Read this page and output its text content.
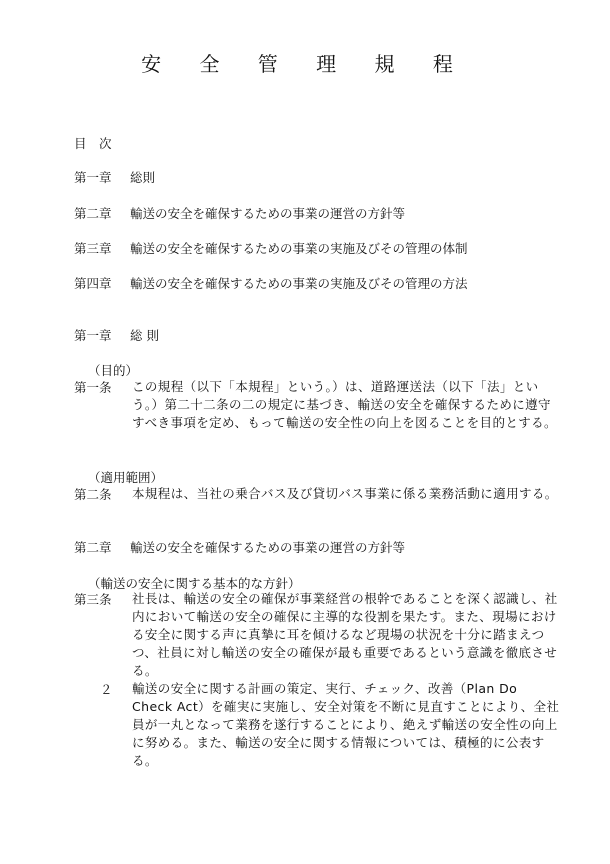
安 全 管 理 規 程
目　次
第一章 総則
第二章 輸送の安全を確保するための事業の運営の方針等
第三章 輸送の安全を確保するための事業の実施及びその管理の体制
第四章 輸送の安全を確保するための事業の実施及びその管理の方法
第一章 総 則
（目的）
第一条 この規程（以下「本規程」という。）は、道路運送法（以下「法」という。）第二十二条の二の規定に基づき、輸送の安全を確保するために遵守すべき事項を定め、もって輸送の安全性の向上を図ることを目的とする。
（適用範囲）
第二条 本規程は、当社の乗合バス及び貸切バス事業に係る業務活動に適用する。
第二章 輸送の安全を確保するための事業の運営の方針等
（輸送の安全に関する基本的な方針）
第三条 社長は、輸送の安全の確保が事業経営の根幹であることを深く認識し、社内において輸送の安全の確保に主導的な役割を果たす。また、現場における安全に関する声に真摯に耳を傾けるなど現場の状況を十分に踏まえつつ、社員に対し輸送の安全の確保が最も重要であるという意識を徹底させる。
２ 輸送の安全に関する計画の策定、実行、チェック、改善（Plan Do Check Act）を確実に実施し、安全対策を不断に見直すことにより、全社員が一丸となって業務を遂行することにより、絶えず輸送の安全性の向上に努める。また、輸送の安全に関する情報については、積極的に公表する。
